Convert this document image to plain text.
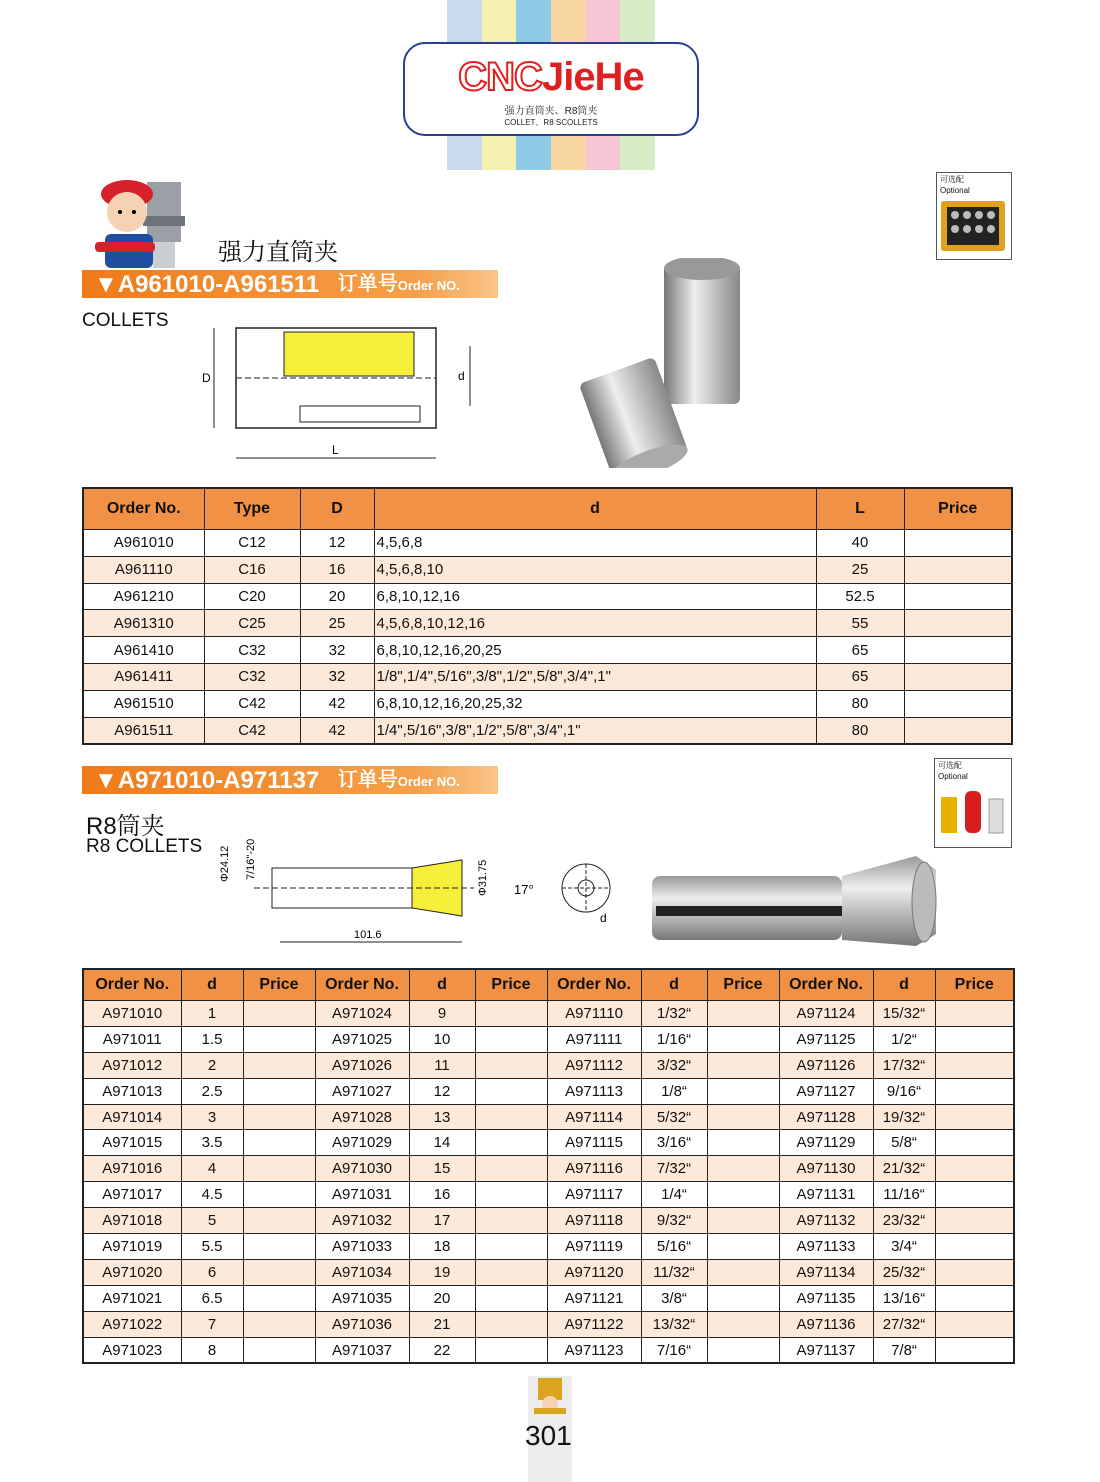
CNCJieHe
强力直筒夹、R8筒夹
COLLET、R8 SCOLLETS
强力直筒夹
可选配
Optional
▼A961010-A961511 订单号Order NO.
COLLETS
D	d
L
Order No.	Type	D	d	L	Price
A961010	C12	12	4,5,6,8	40	
A961110	C16	16	4,5,6,8,10	25	
A961210	C20	20	6,8,10,12,16	52.5	
A961310	C25	25	4,5,6,8,10,12,16	55	
A961410	C32	32	6,8,10,12,16,20,25	65	
A961411	C32	32	1/8",1/4",5/16",3/8",1/2",5/8",3/4",1"	65	
A961510	C42	42	6,8,10,12,16,20,25,32	80	
A961511	C42	42	1/4",5/16",3/8",1/2",5/8",3/4",1"	80	
▼A971010-A971137 订单号Order NO.
R8筒夹
R8 COLLETS
可选配
Optional
Φ24.12 7/16"-20	Φ31.75 17°
101.6
d
Order No.	d	Price	Order No.	d	Price	Order No.	d	Price	Order No.	d	Price
A971010	1		A971024	9		A971110	1/32“		A971124	15/32“	
A971011	1.5		A971025	10		A971111	1/16“		A971125	1/2“	
A971012	2		A971026	11		A971112	3/32“		A971126	17/32“	
A971013	2.5		A971027	12		A971113	1/8“		A971127	9/16“	
A971014	3		A971028	13		A971114	5/32“		A971128	19/32“	
A971015	3.5		A971029	14		A971115	3/16“		A971129	5/8“	
A971016	4		A971030	15		A971116	7/32“		A971130	21/32“	
A971017	4.5		A971031	16		A971117	1/4“		A971131	11/16“	
A971018	5		A971032	17		A971118	9/32“		A971132	23/32“	
A971019	5.5		A971033	18		A971119	5/16“		A971133	3/4“	
A971020	6		A971034	19		A971120	11/32“		A971134	25/32“	
A971021	6.5		A971035	20		A971121	3/8“		A971135	13/16“	
A971022	7		A971036	21		A971122	13/32“		A971136	27/32“	
A971023	8		A971037	22		A971123	7/16“		A971137	7/8“	
301
